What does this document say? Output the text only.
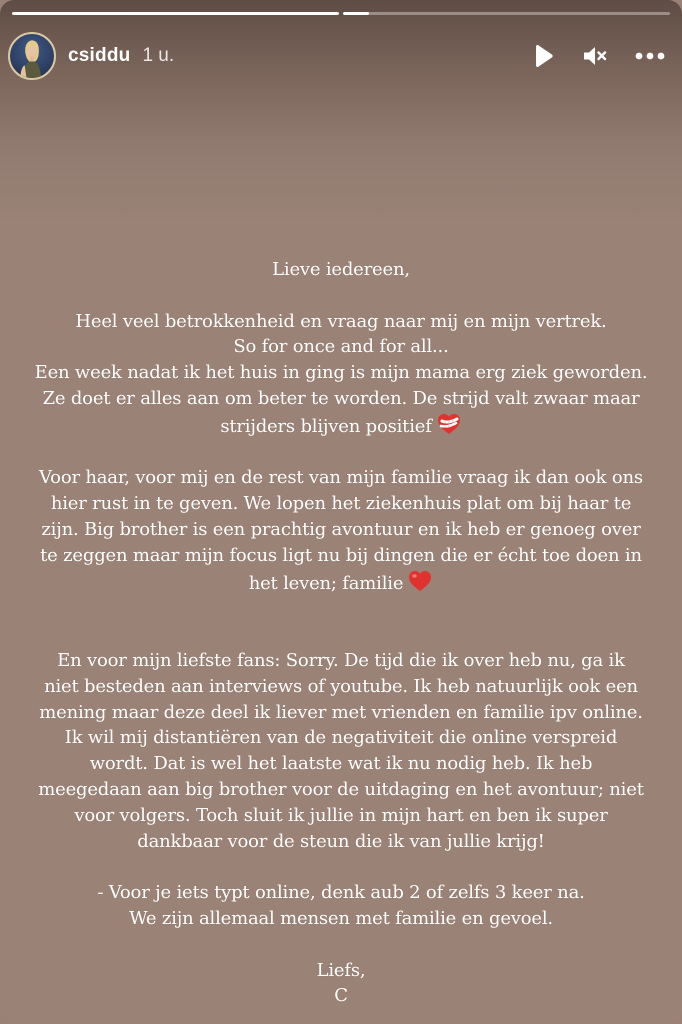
csiddu 1 u.
Lieve iedereen,
Heel veel betrokkenheid en vraag naar mij en mijn vertrek.
So for once and for all...
Een week nadat ik het huis in ging is mijn mama erg ziek geworden.
Ze doet er alles aan om beter te worden. De strijd valt zwaar maar
strijders blijven positief
Voor haar, voor mij en de rest van mijn familie vraag ik dan ook ons
hier rust in te geven. We lopen het ziekenhuis plat om bij haar te
zijn. Big brother is een prachtig avontuur en ik heb er genoeg over
te zeggen maar mijn focus ligt nu bij dingen die er écht toe doen in
het leven; familie
En voor mijn liefste fans: Sorry. De tijd die ik over heb nu, ga ik
niet besteden aan interviews of youtube. Ik heb natuurlijk ook een
mening maar deze deel ik liever met vrienden en familie ipv online.
Ik wil mij distantiëren van de negativiteit die online verspreid
wordt. Dat is wel het laatste wat ik nu nodig heb. Ik heb
meegedaan aan big brother voor de uitdaging en het avontuur; niet
voor volgers. Toch sluit ik jullie in mijn hart en ben ik super
dankbaar voor de steun die ik van jullie krijg!
- Voor je iets typt online, denk aub 2 of zelfs 3 keer na.
We zijn allemaal mensen met familie en gevoel.
Liefs,
C
